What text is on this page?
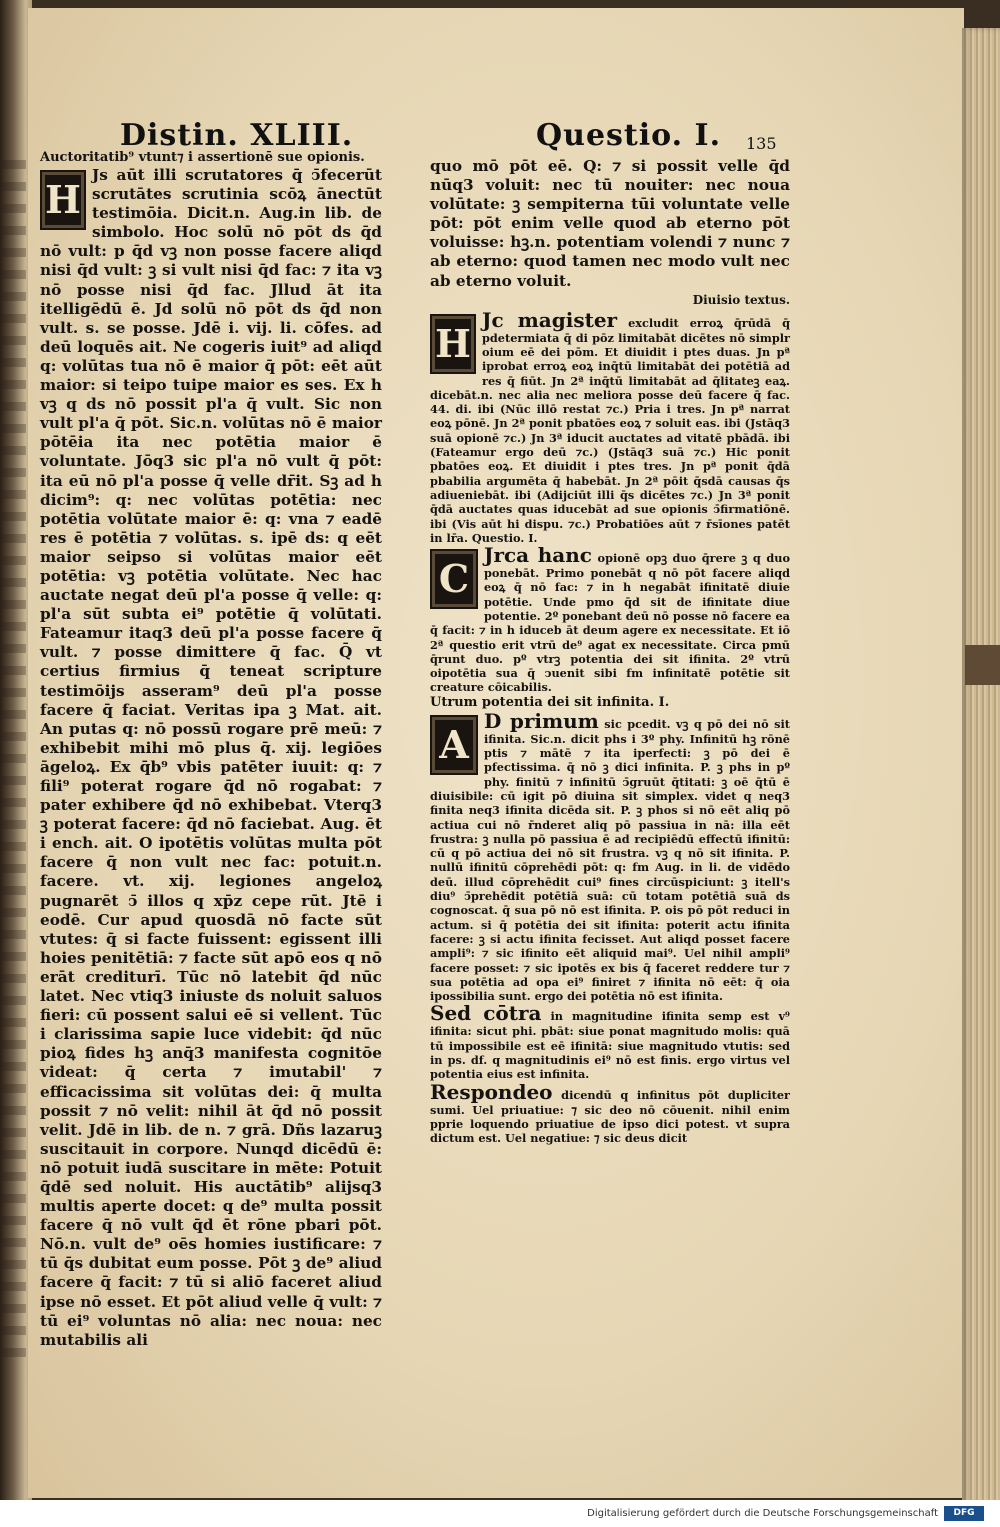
Distin. XLIII.	Questio. I. 135

Auctoritatib⁹ vtunt⁊ i assertionē sue opionis.

H

Js aūt illi scrutatores q̄ ↄ̄fecerūt scrutātes scrutinia scōꝝ ānectūt testimōia. Dicit.n. Aug.in lib. de simbolo. Hoc solū nō pōt ds q̄d nō vult: p q̄d vꝫ non posse facere aliqd nisi q̄d vult: ꝫ si vult nisi q̄d fac: ⁊ ita vꝫ nō posse nisi q̄d fac. Jllud āt ita itelligēdū ē. Jd solū nō pōt ds q̄d non vult. s. se posse. Jdē i. vij. li. cōfes. ad deū loquēs ait. Ne cogeris iuit⁹ ad aliqd q: volūtas tua nō ē maior q̄ pōt: eēt aūt maior: si teipo tuipe maior es ses. Ex h vꝫ q ds nō possit pl'a q̄ vult. Sic non vult pl'a q̄ pōt. Sic.n. volūtas nō ē maior pōtēia ita nec potētia maior ē voluntate. Jōq3 sic pl'a nō vult q̄ pōt: ita eū nō pl'a posse q̄ velle dr̄it. Sꝫ ad h dicim⁹: q: nec volūtas potētia: nec potētia volūtate maior ē: q: vna ⁊ eadē res ē potētia ⁊ volūtas. s. ipē ds: q eēt maior seipso si volūtas maior eēt potētia: vꝫ potētia volūtate. Nec hac auctate negat deū pl'a posse q̄ velle: q: pl'a sūt subta ei⁹ potētie q̄ volūtati. Fateamur itaq3 deū pl'a posse facere q̄ vult. ⁊ posse dimittere q̄ fac. Q̄ vt certius firmius q̄ teneat scripture testimōijs asseram⁹ deū pl'a posse facere q̄ faciat. Veritas ipa ꝫ Mat. ait. An putas q: nō possū rogare prē meū: ⁊ exhibebit mihi mō plus q̄. xij. legiōes āgeloꝝ. Ex q̄b⁹ vbis patēter iuuit: q: ⁊ fili⁹ poterat rogare q̄d nō rogabat: ⁊ pater exhibere q̄d nō exhibebat. Vterq3 ꝫ poterat facere: q̄d nō faciebat. Aug. ēt i ench. ait. O ipotētis volūtas multa pōt facere q̄ non vult nec fac: potuit.n. facere. vt. xij. legiones angeloꝝ pugnarēt ↄ̄ illos q xp̄z cepe rūt. Jtē i eodē. Cur apud quosdā nō facte sūt vtutes: q̄ si facte fuissent: egissent illi hoies penitētiā: ⁊ facte sūt apō eos q nō erāt crediturī. Tūc nō latebit q̄d nūc latet. Nec vtiq3 iniuste ds noluit saluos fieri: cū possent salui eē si vellent. Tūc i clarissima sapie luce videbit: q̄d nūc pioꝝ fides hꝫ anq̄3 manifesta cognitōe videat: q̄ certa ⁊ imutabil' ⁊ efficacissima sit volūtas dei: q̄ multa possit ⁊ nō velit: nihil āt q̄d nō possit velit. Jdē in lib. de n. ⁊ grā. Dñs lazaruꝫ suscitauit in corpore. Nunqd dicēdū ē: nō potuit iudā suscitare in mēte: Potuit q̄dē sed noluit. His auctātib⁹ alijsq3 multis aperte docet: q de⁹ multa possit facere q̄ nō vult q̄d ēt rōne pbari pōt. Nō.n. vult de⁹ oēs homies iustificare: ⁊ tū q̄s dubitat eum posse. Pōt ꝫ de⁹ aliud facere q̄ facit: ⁊ tū si aliō faceret aliud ipse nō esset. Et pōt aliud velle q̄ vult: ⁊ tū ei⁹ voluntas nō alia: nec noua: nec mutabilis ali

quo mō pōt eē. Q: ⁊ si possit velle q̄d nūq3 voluit: nec tū nouiter: nec noua volūtate: ꝫ sempiterna tūi voluntate velle pōt: pōt enim velle quod ab eterno pōt voluisse: hꝫ.n. potentiam volendi ⁊ nunc ⁊ ab eterno: quod tamen nec modo vult nec ab eterno voluit.

Diuisio textus.

H

Jc magister excludit erroꝝ q̄rūdā q̄ pdetermiata q̄ di pōz limitabāt dicētes nō simplr oium eē dei pōm. Et diuidit i ptes duas. Jn pª iprobat erroꝝ eoꝝ inq̄tū limitabāt dei potētiā ad res q̄ fiūt. Jn 2ª inq̄tū limitabāt ad q̄litateꝫ eaꝝ. dicebāt.n. nec alia nec meliora posse deū facere q̄ fac. 44. di. ibi (Nūc illō restat ⁊c.) Pria i tres. Jn pª narrat eoꝝ pōnē. Jn 2ª ponit pbatōes eoꝝ ⁊ soluit eas. ibi (Jstāq3 suā opionē ⁊c.) Jn 3ª iducit auctates ad vitatē pbādā. ibi (Fateamur ergo deū ⁊c.) (Jstāq3 suā ⁊c.) Hic ponit pbatōes eoꝝ. Et diuidit i ptes tres. Jn pª ponit q̄dā pbabilia argumēta q̄ habebāt. Jn 2ª pōit q̄sdā causas q̄s adiueniebāt. ibi (Adijciūt illi q̄s dicētes ⁊c.) Jn 3ª ponit q̄dā auctates quas iducebāt ad sue opionis ↄ̄firmatiōnē. ibi (Vis aūt hi dispu. ⁊c.) Probatiōes aūt ⁊ r̄sīones patēt in lr̄a. Questio. I.

C

Jrca hanc opionē opꝫ duo q̄rere ꝫ q duo ponebāt. Primo ponebāt q nō pōt facere aliqd eoꝝ q̄ nō fac: ⁊ in h negabāt ifinitatē diuie potētie. Unde pmo q̄d sit de ifinitate diue potentie. 2º ponebant deū nō posse nō facere ea q̄ facit: ⁊ in h iduceb āt deum agere ex necessitate. Et iō 2ª questio erit vtrū de⁹ agat ex necessitate. Circa pmū q̄runt duo. pº vtrꝫ potentia dei sit ifinita. 2º vtrū oipotētia sua q̄ ↄuenit sibi fm infinitatē potētie sit creature cōicabilis.

Utrum potentia dei sit infinita. I.

A

D primum sic pcedit. vꝫ q pō dei nō sit ifinita. Sic.n. dicit phs i 3º phy. Infinitū hꝫ rōnē ptis ⁊ mātē ⁊ ita iperfecti: ꝫ pō dei ē pfectissima. q̄ nō ꝫ dici infinita. P. ꝫ phs in pº phy. finitū ⁊ infinitū ↄ̄gruūt q̄titati: ꝫ oē q̄tū ē diuisibile: cū igit pō diuina sit simplex. videt q neq3 finita neq3 ifinita dicēda sit. P. ꝫ phos si nō eēt aliq pō actiua cui nō r̄nderet aliq pō passiua in nā: illa eēt frustra: ꝫ nulla pō passiua ē ad recipiēdū effectū ifinitū: cū q pō actiua dei nō sit frustra. vꝫ q nō sit ifinita. P. nullū ifinitū cōprehēdi pōt: q: fm Aug. in li. de vidēdo deū. illud cōprehēdit cui⁹ fines circūspiciunt: ꝫ itell's diu⁹ ↄ̄prehēdit potētiā suā: cū totam potētiā suā ds cognoscat. q̄ sua pō nō est ifinita. P. ois pō pōt reduci in actum. si q̄ potētia dei sit ifinita: poterit actu ifinita facere: ꝫ si actu ifinita fecisset. Aut aliqd posset facere ampli⁹: ⁊ sic ifinito eēt aliquid mai⁹. Uel nihil ampli⁹ facere posset: ⁊ sic ipotēs ex bis q̄ faceret reddere tur ⁊ sua potētia ad opa ei⁹ finiret ⁊ ifinita nō eēt: q̄ oia ipossibilia sunt. ergo dei potētia nō est ifinita.

Sed cōtra in magnitudine ifinita semp est v⁹ ifinita: sicut phi. pbāt: siue ponat magnitudo molis: quā tū impossibile est eē ifinitā: siue magnitudo vtutis: sed in ps. df. q magnitudinis ei⁹ nō est finis. ergo virtus vel potentia eius est infinita.

Respondeo dicendū q infinitus pōt dupliciter sumi. Uel priuatiue: ⁊ sic deo nō cōuenit. nihil enim pprie loquendo priuatiue de ipso dici potest. vt supra dictum est. Uel negatiue: ⁊ sic deus dicit

Digitalisierung gefördert durch die Deutsche Forschungsgemeinschaft	DFG
